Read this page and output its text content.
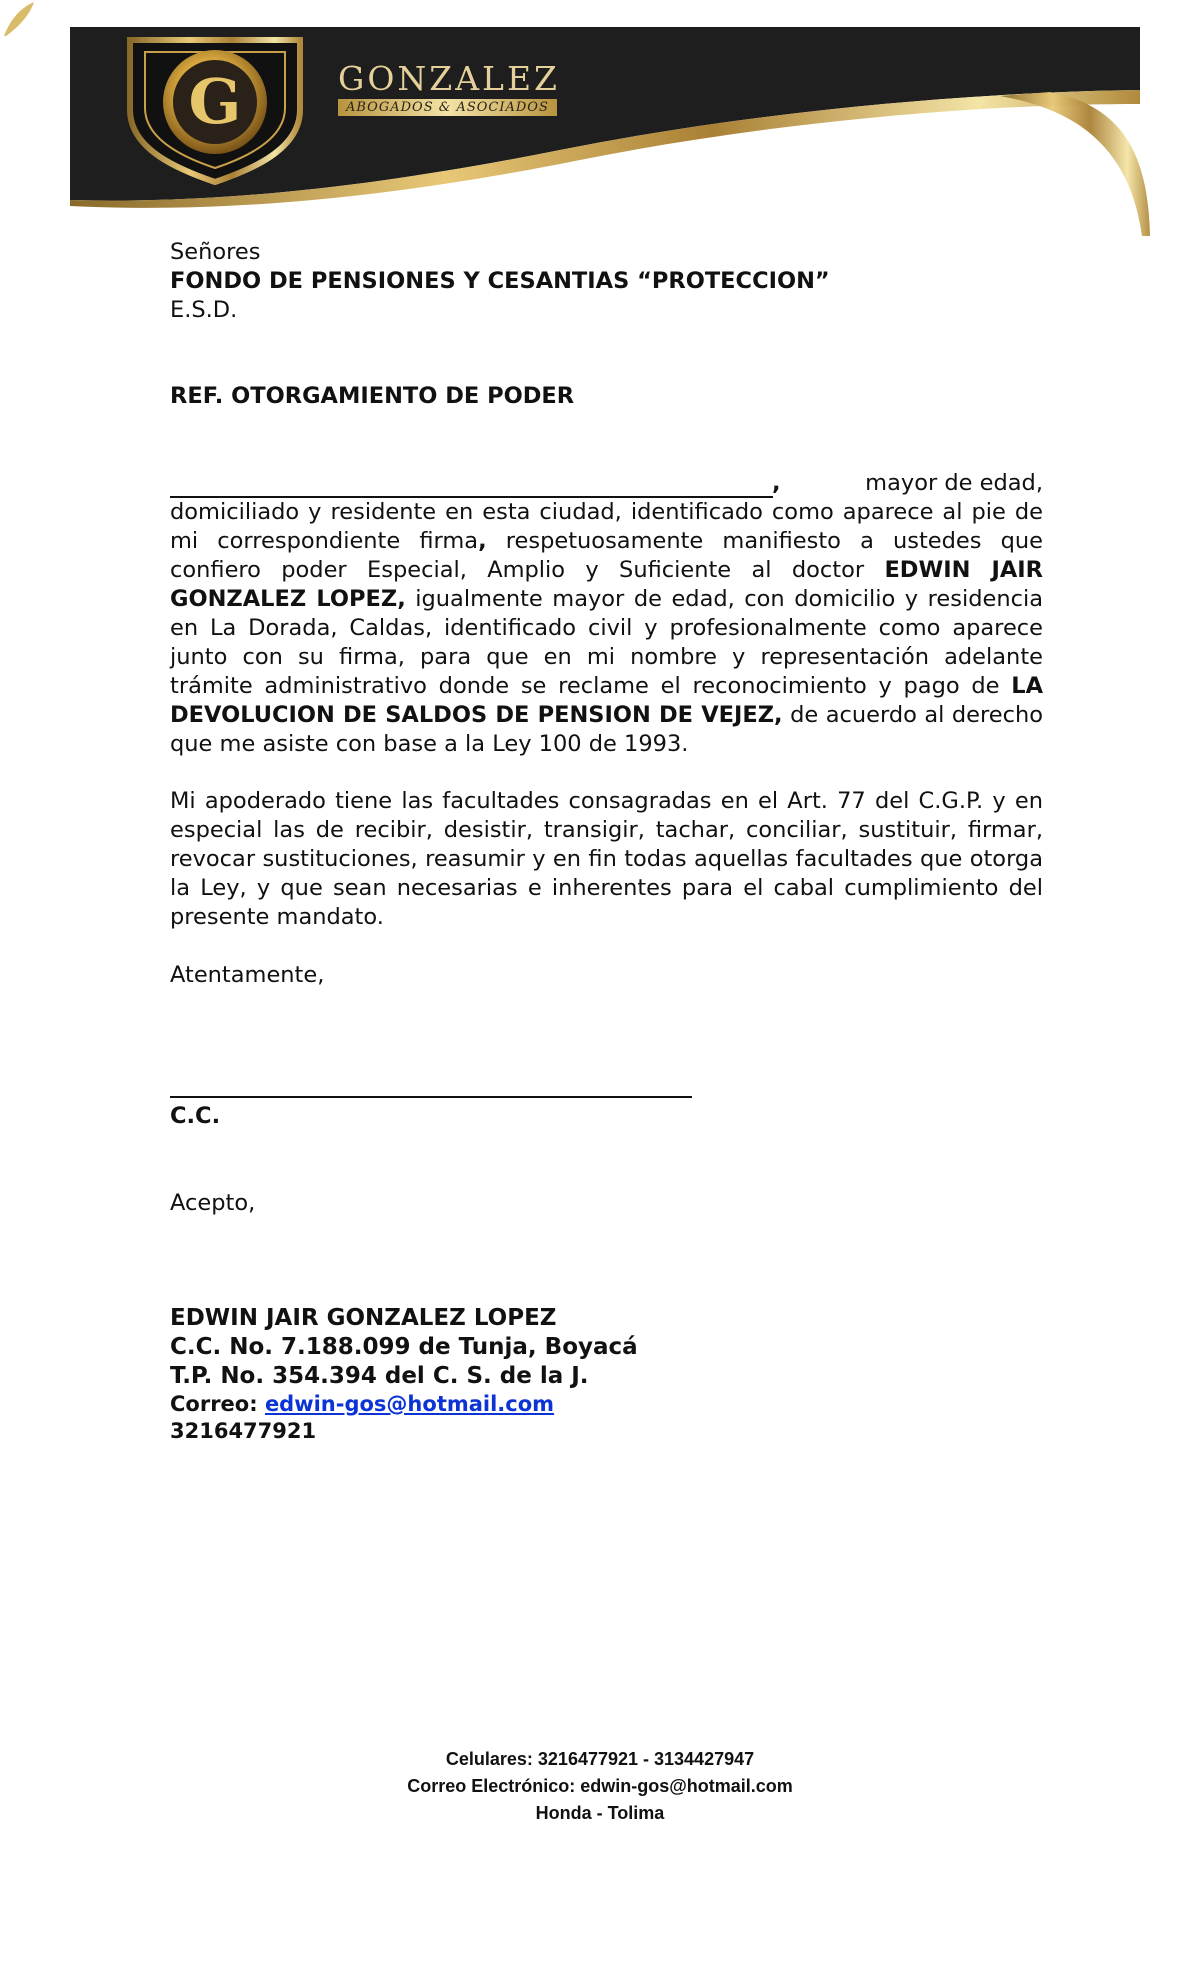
G	GONZALEZ
ABOGADOS & ASOCIADOS

Señores

FONDO DE PENSIONES Y CESANTIAS “PROTECCION”

E.S.D.

REF. OTORGAMIENTO DE PODER

,	mayor de edad,
domiciliado y residente en esta ciudad, identificado como aparece al pie de mi correspondiente firma, respetuosamente manifiesto a ustedes que confiero poder Especial, Amplio y Suficiente al doctor EDWIN JAIR GONZALEZ LOPEZ, igualmente mayor de edad, con domicilio y residencia en La Dorada, Caldas, identificado civil y profesionalmente como aparece junto con su firma, para que en mi nombre y representación adelante trámite administrativo donde se reclame el reconocimiento y pago de LA DEVOLUCION DE SALDOS DE PENSION DE VEJEZ, de acuerdo al derecho que me asiste con base a la Ley 100 de 1993.

Mi apoderado tiene las facultades consagradas en el Art. 77 del C.G.P. y en especial las de recibir, desistir, transigir, tachar, conciliar, sustituir, firmar, revocar sustituciones, reasumir y en fin todas aquellas facultades que otorga la Ley, y que sean necesarias e inherentes para el cabal cumplimiento del presente mandato.

Atentamente,

C.C.

Acepto,

EDWIN JAIR GONZALEZ LOPEZ
C.C. No. 7.188.099 de Tunja, Boyacá
T.P. No. 354.394 del C. S. de la J.
Correo: edwin-gos@hotmail.com
3216477921
Celulares: 3216477921 - 3134427947
Correo Electrónico: edwin-gos@hotmail.com
Honda - Tolima
